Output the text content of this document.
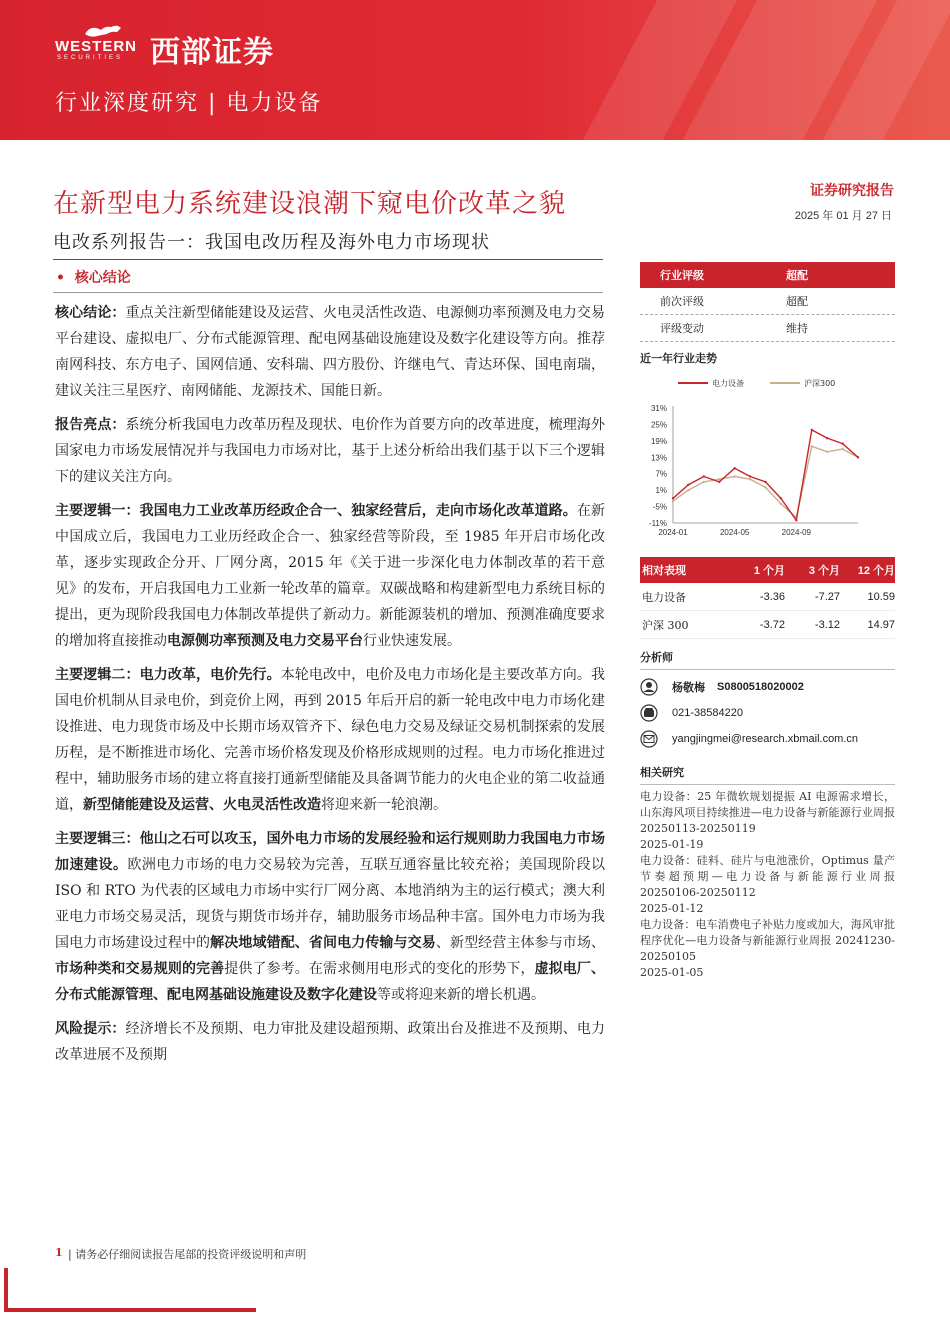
WESTERN
SECURITIES 西部证券
行业深度研究 | 电力设备
在新型电力系统建设浪潮下窥电价改革之貌
电改系列报告一：我国电改历程及海外电力市场现状
证券研究报告
2025 年 01 月 27 日
• 核心结论

核心结论：重点关注新型储能建设及运营、火电灵活性改造、电源侧功率预测及电力交易平台建设、虚拟电厂、分布式能源管理、配电网基础设施建设及数字化建设等方向。推荐南网科技、东方电子、国网信通、安科瑞、四方股份、许继电气、青达环保、国电南瑞，建议关注三星医疗、南网储能、龙源技术、国能日新。

报告亮点：系统分析我国电力改革历程及现状、电价作为首要方向的改革进度，梳理海外国家电力市场发展情况并与我国电力市场对比，基于上述分析给出我们基于以下三个逻辑下的建议关注方向。

主要逻辑一：我国电力工业改革历经政企合一、独家经营后，走向市场化改革道路。在新中国成立后，我国电力工业历经政企合一、独家经营等阶段，至 1985 年开启市场化改革，逐步实现政企分开、厂网分离，2015 年《关于进一步深化电力体制改革的若干意见》的发布，开启我国电力工业新一轮改革的篇章。双碳战略和构建新型电力系统目标的提出，更为现阶段我国电力体制改革提供了新动力。新能源装机的增加、预测准确度要求的增加将直接推动电源侧功率预测及电力交易平台行业快速发展。

主要逻辑二：电力改革，电价先行。本轮电改中，电价及电力市场化是主要改革方向。我国电价机制从目录电价，到竞价上网，再到 2015 年后开启的新一轮电改中电力市场化建设推进、电力现货市场及中长期市场双管齐下、绿色电力交易及绿证交易机制探索的发展历程，是不断推进市场化、完善市场价格发现及价格形成规则的过程。电力市场化推进过程中，辅助服务市场的建立将直接打通新型储能及具备调节能力的火电企业的第二收益通道，新型储能建设及运营、火电灵活性改造将迎来新一轮浪潮。

主要逻辑三：他山之石可以攻玉，国外电力市场的发展经验和运行规则助力我国电力市场加速建设。欧洲电力市场的电力交易较为完善，互联互通容量比较充裕；美国现阶段以 ISO 和 RTO 为代表的区域电力市场中实行厂网分离、本地消纳为主的运行模式；澳大利亚电力市场交易灵活，现货与期货市场并存，辅助服务市场品种丰富。国外电力市场为我国电力市场建设过程中的解决地域错配、省间电力传输与交易、新型经营主体参与市场、市场种类和交易规则的完善提供了参考。在需求侧用电形式的变化的形势下，虚拟电厂、分布式能源管理、配电网基础设施建设及数字化建设等或将迎来新的增长机遇。

风险提示：经济增长不及预期、电力审批及建设超预期、政策出台及推进不及预期、电力改革进展不及预期

行业评级	超配
前次评级	超配
评级变动	维持
近一年行业走势
电力设备	沪深300
31%
25%
19%
13%
7%
1%
-5%
-11%
2024-01	2024-05	2024-09
相对表现	1 个月	3 个月	12 个月
电力设备	-3.36	-7.27	10.59
沪深 300	-3.72	-3.12	14.97
分析师
杨敬梅 S0800518020002
021-38584220
yangjingmei@research.xbmail.com.cn
相关研究
电力设备：25 年微软规划提振 AI 电源需求增长，山东海风项目持续推进—电力设备与新能源行业周报 20250113-20250119
2025-01-19
电力设备：硅料、硅片与电池涨价，Optimus 量产节奏超预期—电力设备与新能源行业周报 20250106-20250112
2025-01-12
电力设备：电车消费电子补贴力度或加大，海风审批程序优化—电力设备与新能源行业周报 20241230-20250105
2025-01-05
1 | 请务必仔细阅读报告尾部的投资评级说明和声明
